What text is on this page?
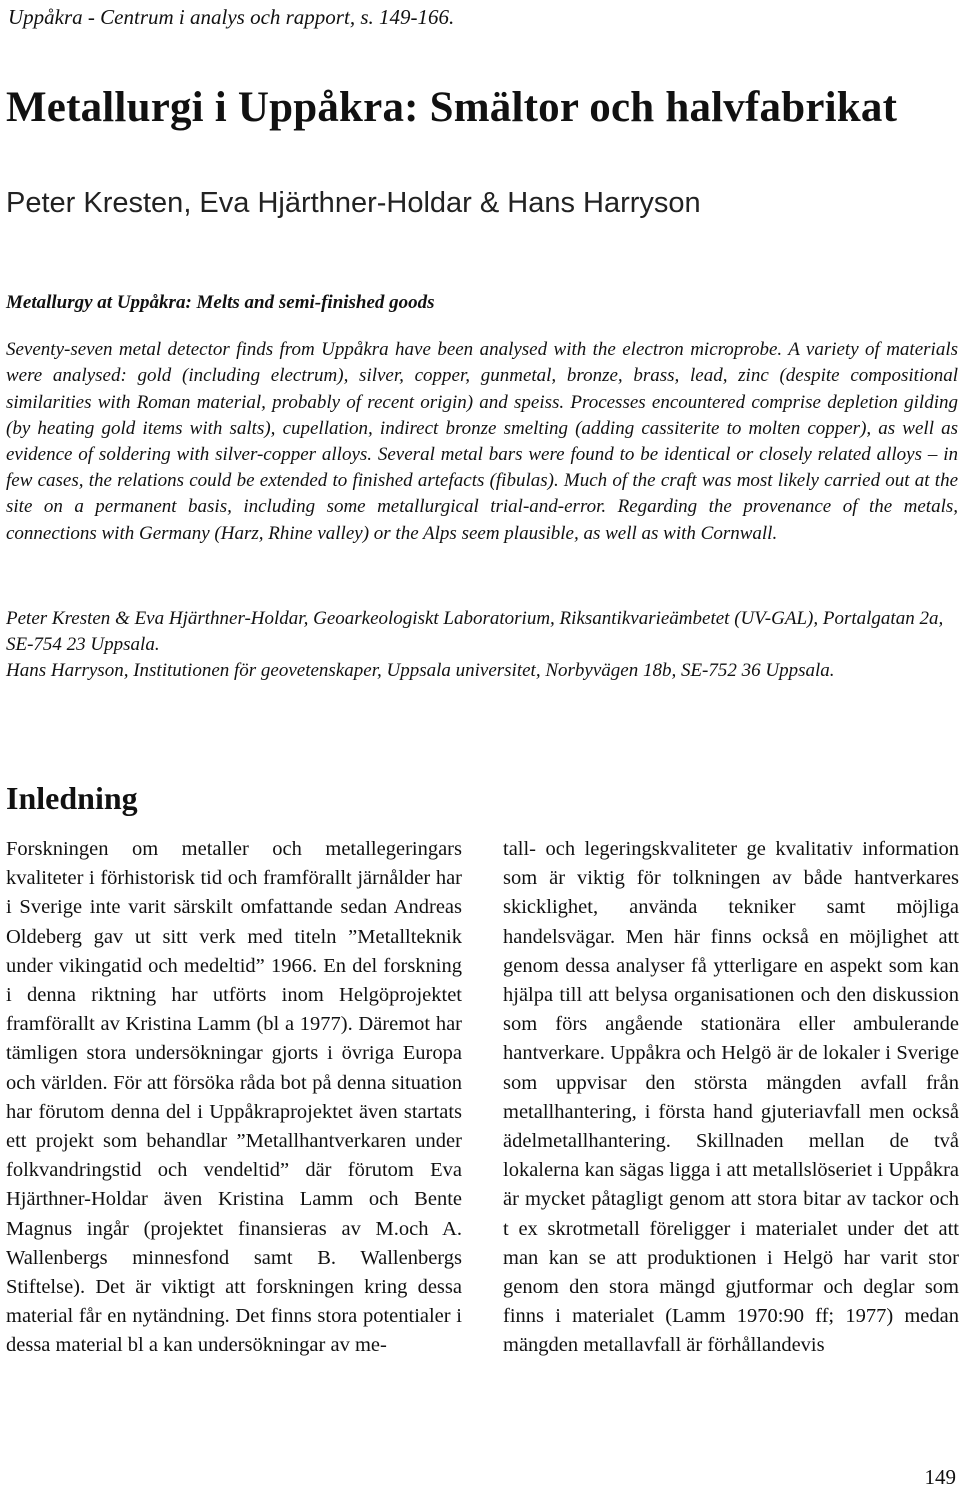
Uppåkra - Centrum i analys och rapport, s. 149-166.
Metallurgi i Uppåkra: Smältor och halvfabrikat
Peter Kresten, Eva Hjärthner-Holdar & Hans Harryson
Metallurgy at Uppåkra: Melts and semi-finished goods

Seventy-seven metal detector finds from Uppåkra have been analysed with the electron microprobe. A variety of materials were analysed: gold (including electrum), silver, copper, gunmetal, bronze, brass, lead, zinc (despite compositional similarities with Roman material, probably of recent origin) and speiss. Processes encountered comprise depletion gilding (by heating gold items with salts), cupellation, indirect bronze smelting (adding cassiterite to molten copper), as well as evidence of soldering with silver-copper alloys. Several metal bars were found to be identical or closely related alloys – in few cases, the relations could be extended to finished artefacts (fibulas). Much of the craft was most likely carried out at the site on a permanent basis, including some metallurgical trial-and-error. Regarding the provenance of the metals, connections with Germany (Harz, Rhine valley) or the Alps seem plausible, as well as with Cornwall.

Peter Kresten & Eva Hjärthner-Holdar, Geoarkeologiskt Laboratorium, Riksantikvarieämbetet (UV-GAL), Portalgatan 2a, SE-754 23 Uppsala.

Hans Harryson, Institutionen för geovetenskaper, Uppsala universitet, Norbyvägen 18b, SE-752 36 Uppsala.

Inledning

Forskningen om metaller och metallegeringars kvaliteter i förhistorisk tid och framförallt järnålder har i Sverige inte varit särskilt omfattande sedan Andreas Oldeberg gav ut sitt verk med titeln ”Metallteknik under vikingatid och medeltid” 1966. En del forskning i denna riktning har utförts inom Helgöprojektet framförallt av Kristina Lamm (bl a 1977). Däremot har tämligen stora undersökningar gjorts i övriga Europa och världen. För att försöka råda bot på denna situation har förutom denna del i Uppåkraprojektet även startats ett projekt som behandlar ”Metallhantverkaren under folkvandringstid och vendeltid” där förutom Eva Hjärthner-Holdar även Kristina Lamm och Bente Magnus ingår (projektet finansieras av M.och A. Wallenbergs minnesfond samt B. Wallenbergs Stiftelse). Det är viktigt att forskningen kring dessa material får en nytändning. Det finns stora potentialer i dessa material bl a kan undersökningar av me-

tall- och legeringskvaliteter ge kvalitativ information som är viktig för tolkningen av både hantverkares skicklighet, använda tekniker samt möjliga handelsvägar. Men här finns också en möjlighet att genom dessa analyser få ytterligare en aspekt som kan hjälpa till att belysa organisationen och den diskussion som förs angående stationära eller ambulerande hantverkare. Uppåkra och Helgö är de lokaler i Sverige som uppvisar den största mängden avfall från metallhantering, i första hand gjuteriavfall men också ädelmetallhantering. Skillnaden mellan de två lokalerna kan sägas ligga i att metallslöseriet i Uppåkra är mycket påtagligt genom att stora bitar av tackor och t ex skrotmetall föreligger i materialet under det att man kan se att produktionen i Helgö har varit stor genom den stora mängd gjutformar och deglar som finns i materialet (Lamm 1970:90 ff; 1977) medan mängden metallavfall är förhållandevis

149
